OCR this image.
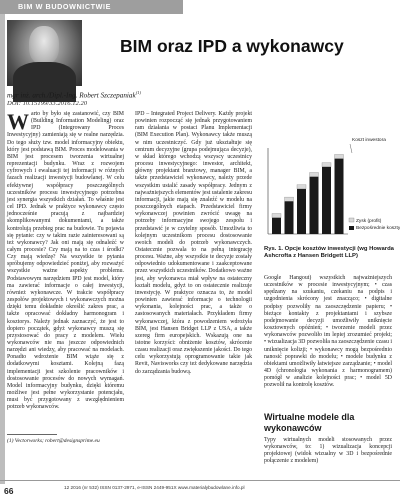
BIM W BUDOWNICTWIE
BIM oraz IPD a wykonawcy
mgr inż. arch./Dipl.-Ing. Robert Szczepaniak$^{(1)}$
DOI: 10.15199/33.2016.12.20

Warto by było się zastanowić, czy BIM (Building Information Modeling) oraz IPD (Integrowany Proces Inwestycyjny) zamieniają się w realne narzędzia. Do tego służy tzw. model informacyjny obiektu, który jest podstawą BIM. Proces modelowania w BIM jest procesem tworzenia wirtualnej reprezentacji budynku. Wraz z rozwojem cyfrowych i ewaluacji tej informacji w różnych fazach realizacji inwestycji budowlanej. W celu efektywnej współpracy poszczególnych uczestników procesu inwestycyjnego potrzebna jest synergia wszystkich działań. To właśnie jest cel IPD. Jednak w praktyce wykonawcy często jednocześnie pracują z najbardziej skomplikowanymi dokumentami, a także kontrolują przebieg prac na budowie. Tu pojawia się pytanie: czy w takim razie zainteresowani są też wykonawcy? Jak oni mają się odnaleźć w całym procesie? Czy mają na to czas i środki? Czy mają wiedzę? Na wszystkie te pytania spróbujemy odpowiedzieć poniżej, aby rozważyć wszystkie ważne aspekty problemu. Podstawowym narzędziem IPD jest model, który ma zawierać informacje o całej inwestycji, również wykonawcze. W trakcie współpracy zespołów projektowych i wykonawczych można dzięki temu dokładnie określić zakres prac, a także opracować dokładny harmonogram i kosztorys. Należy jednak zaznaczyć, że jest to dopiero początek, gdyż wykonawcy muszą się przystosować do pracy z modelem. Wielu wykonawców nie ma jeszcze odpowiednich narzędzi ani wiedzy, aby pracować na modelach. Ponadto wdrożenie BIM wiąże się z dodatkowymi kosztami. Kolejną fazą implementacji jest szkolenie pracowników i dostosowanie procesów do nowych wymagań. Model informacyjny budynku, dzięki któremu możliwe jest pełne wykorzystanie potencjału, musi być przygotowany z uwzględnieniem potrzeb wykonawców.

IPD – Integrated Project Delivery. Każdy projekt powinien rozpocząć się jednak przygotowaniem ram działania w postaci Planu Implementacji (BIM Execution Plan). Wykonawcy także muszą w nim uczestniczyć. Gdy już ukształtuje się centrum decyzyjne (grupa podejmująca decyzje), w skład którego wchodzą wszyscy uczestnicy procesu inwestycyjnego: inwestor, architekt, główny projektant branżowy, manager BIM, a także przedstawiciel wykonawcy, należy przede wszystkim ustalić zasady współpracy. Jednym z najważniejszych elementów jest ustalenie zakresu informacji, jakie mają się znaleźć w modelu na poszczególnych etapach. Przedstawiciel firmy wykonawczej powinien zwrócić uwagę na potrzeby informacyjne swojego zespołu i przedstawić je w czytelny sposób. Umożliwia to kolejnym uczestnikom procesu dostosowanie swoich modeli do potrzeb wykonawczych. Ostatecznie pozwala to na pełną integrację procesu. Ważne, aby wszystkie te decyzje zostały odpowiednio udokumentowane i zaakceptowane przez wszystkich uczestników. Dodatkowo ważne jest, aby wykonawca miał wpływ na ostateczny kształt modelu, gdyż to on ostatecznie realizuje inwestycję. W praktyce oznacza to, że model powinien zawierać informacje o technologii wykonania, kolejności prac, a także o zastosowanych materiałach. Przykładem firmy wykonawczej, która z powodzeniem wdrożyła BIM, jest Hansen Bridget LLP z USA, a także szereg firm europejskich. Wskazują one na istotne korzyści: obniżenie kosztów, skrócenie czasu realizacji oraz zwiększenie jakości. Do tego celu wykorzystują oprogramowanie takie jak Revit, Navisworks czy też dedykowane narzędzia do zarządzania budową.

Koszt inwestora
Zysk (profit)
Bezpośrednie koszty
Rys. 1. Opcje kosztów inwestycji (wg Howarda Ashcrofta z Hansen Bridgett LLP)

Google Hangout) wszystkich najważniejszych uczestników w procesie inwestycyjnym; • czas spędzany na szukaniu, czekaniu na podpis i uzgodnienia skrócony jest znacząco; • digitalne podpisy pozwoliły na zaoszczędzenie papieru; • bieżące kontakty z projektantami i szybsze podejmowanie decyzji umożliwiły uniknięcie kosztownych opóźnień; • tworzenie modeli przez wykonawców pozwoliło im lepiej zrozumieć projekt; • wizualizacja 3D pozwoliła na zaoszczędzenie czasu i uniknięcie kolizji; • wykonawcy mogą bezpośrednio nanosić poprawki do modelu; • modele budynku z obiektami umożliwiły łatwiejsze zarządzanie; • model 4D (chronologia wykonania z harmonogramem) pomógł w analizie kolejności prac; • model 5D pozwolił na kontrolę kosztów.

Wirtualne modele dla wykonawców

Typy wirtualnych modeli stosowanych przez wykonawców, to: 1) wizualizacja koncepcji projektowej (widok wizualny w 3D i bezpośrednie połączenie z modelem)

(1) Vectorworks; robert@designsprime.eu
66	12 2016 (nr 532) ISSN 0137-2971, e-ISSN 2449-951X www.materialybudowlane.info.pl
